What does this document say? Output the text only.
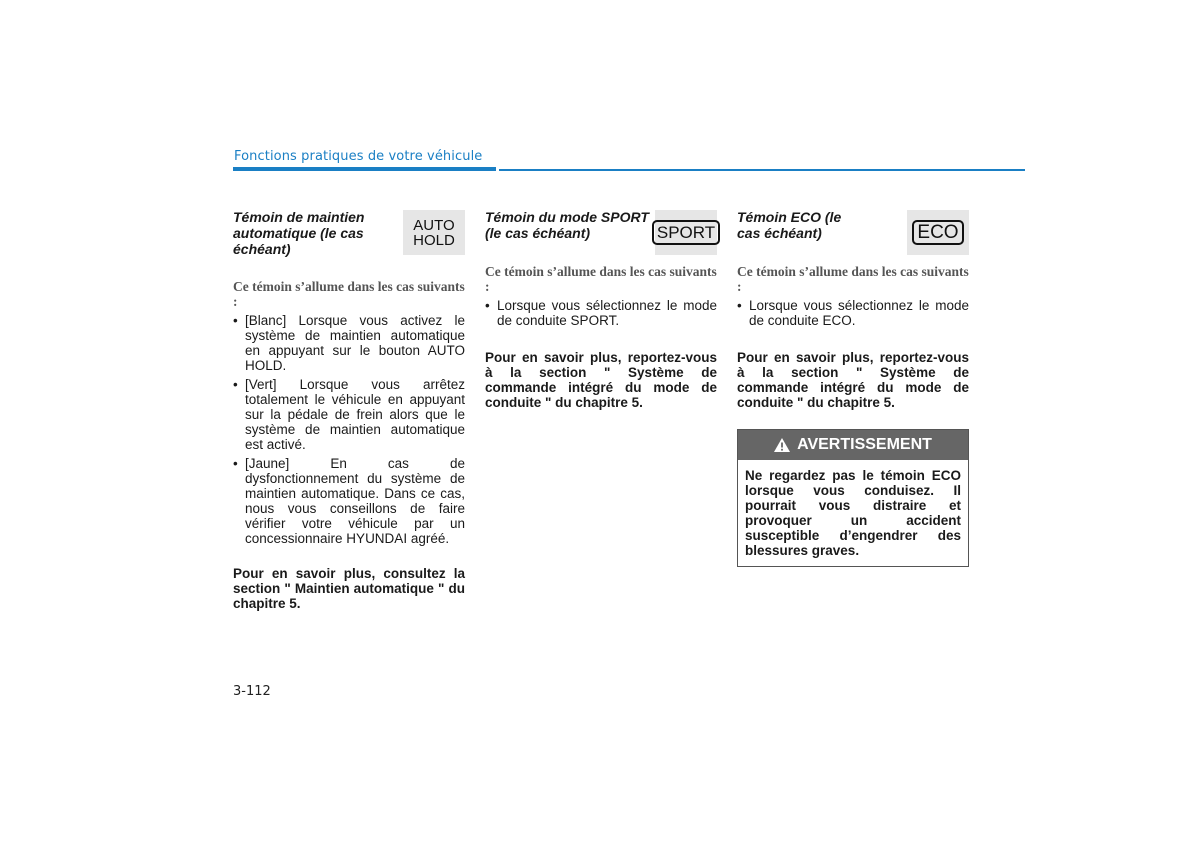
Fonctions pratiques de votre véhicule
Témoin de maintien automatique (le cas échéant)
AUTO
HOLD

Ce témoin s’allume dans les cas suivants :

• [Blanc] Lorsque vous activez le système de maintien automatique en appuyant sur le bouton AUTO HOLD.
• [Vert] Lorsque vous arrêtez totalement le véhicule en appuyant sur la pédale de frein alors que le système de maintien automatique est activé.
• [Jaune] En cas de dysfonctionnement du système de maintien automatique. Dans ce cas, nous vous conseillons de faire vérifier votre véhicule par un concessionnaire HYUNDAI agréé.

Pour en savoir plus, consultez la section " Maintien automatique " du chapitre 5.

Témoin du mode SPORT (le cas échéant)	SPORT

Ce témoin s’allume dans les cas suivants :

• Lorsque vous sélectionnez le mode de conduite SPORT.

Pour en savoir plus, reportez-vous à la section " Système de commande intégré du mode de conduite " du chapitre 5.

Témoin ECO (le cas échéant)	ECO

Ce témoin s’allume dans les cas suivants :

• Lorsque vous sélectionnez le mode de conduite ECO.

Pour en savoir plus, reportez-vous à la section " Système de commande intégré du mode de conduite " du chapitre 5.

AVERTISSEMENT
Ne regardez pas le témoin ECO lorsque vous conduisez. Il pourrait vous distraire et provoquer un accident susceptible d’engendrer des blessures graves.
3-112
